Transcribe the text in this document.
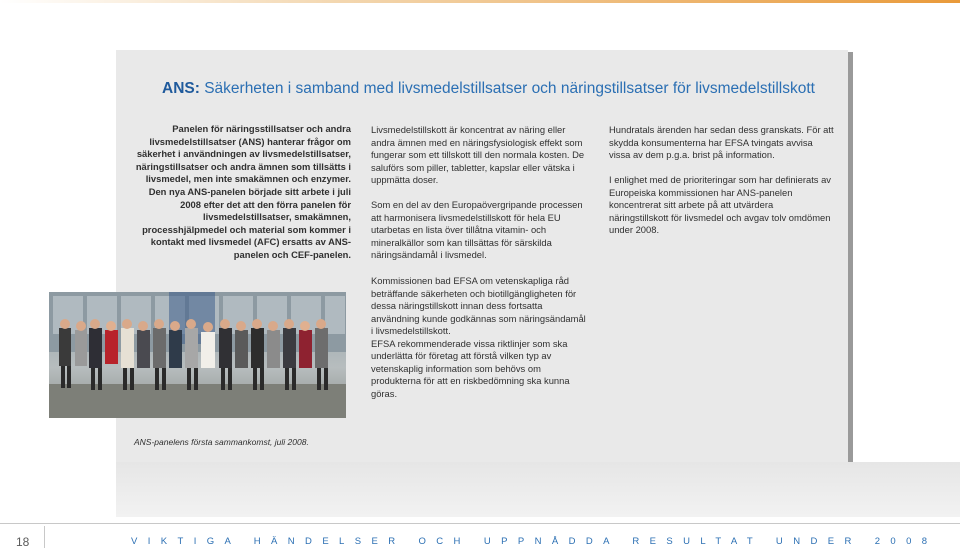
ANS: Säkerheten i samband med livsmedelstillsatser och näringstillsatser för livsmedelstillskott
Panelen för näringsstillsatser och andra livsmedelstillsatser (ANS) hanterar frågor om säkerhet i användningen av livsmedelstillsatser, näringstillsatser och andra ämnen som tillsätts i livsmedel, men inte smakämnen och enzymer. Den nya ANS-panelen började sitt arbete i juli 2008 efter det att den förra panelen för livsmedelstillsatser, smakämnen, processhjälpmedel och material som kommer i kontakt med livsmedel (AFC) ersatts av ANS-panelen och CEF-panelen.

Livsmedelstillskott är koncentrat av näring eller andra ämnen med en näringsfysiologisk effekt som fungerar som ett tillskott till den normala kosten. De saluförs som piller, tabletter, kapslar eller vätska i uppmätta doser.

Som en del av den Europaövergripande processen att harmonisera livsmedelstillskott för hela EU utarbetas en lista över tillåtna vitamin- och mineralkällor som kan tillsättas för särskilda näringsändamål i livsmedel.

Kommissionen bad EFSA om vetenskapliga råd beträffande säkerheten och biotillgängligheten för dessa näringstillskott innan dess fortsatta användning kunde godkännas som näringsändamål i livsmedelstillskott.

EFSA rekommenderade vissa riktlinjer som ska underlätta för företag att förstå vilken typ av vetenskaplig information som behövs om produkterna för att en riskbedömning ska kunna göras.

Hundratals ärenden har sedan dess granskats. För att skydda konsumenterna har EFSA tvingats avvisa vissa av dem p.g.a. brist på information.

I enlighet med de prioriteringar som har definierats av Europeiska kommissionen har ANS-panelen koncentrerat sitt arbete på att utvärdera näringstillskott för livsmedel och avgav tolv omdömen under 2008.

ANS-panelens första sammankomst, juli 2008.
18	VIKTIGA HÄNDELSER OCH UPPNÅDDA RESULTAT UNDER 2008
